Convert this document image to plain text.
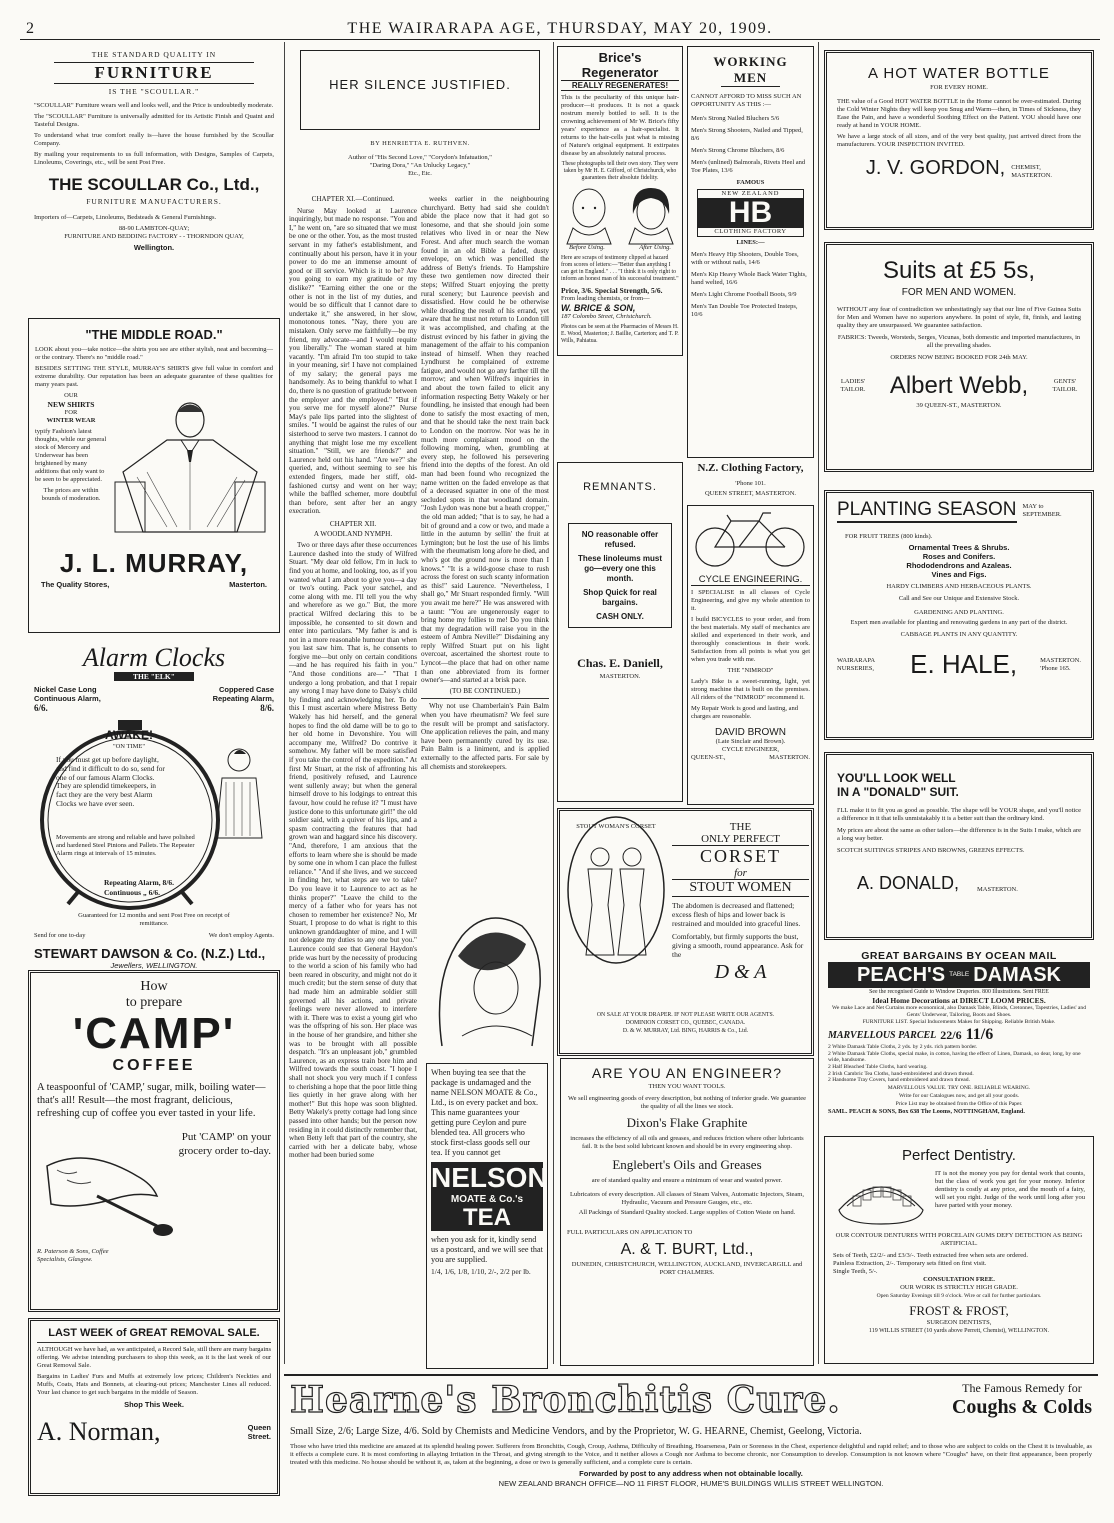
2	THE WAIRARAPA AGE, THURSDAY, MAY 20, 1909.
THE STANDARD QUALITY IN
FURNITURE
IS THE "SCOULLAR."

"SCOULLAR" Furniture wears well and looks well, and the Price is undoubtedly moderate.

The "SCOULLAR" Furniture is universally admitted for its Artistic Finish and Quaint and Tasteful Designs.

To understand what true comfort really is—have the house furnished by the Scoullar Company.

By mailing your requirements to us full information, with Designs, Samples of Carpets, Linoleums, Coverings, etc., will be sent Post Free.

THE SCOULLAR Co., Ltd.,
FURNITURE MANUFACTURERS.

Importers of—Carpets, Linoleums, Bedsteads & General Furnishings.

88-90 LAMBTON-QUAY;
FURNITURE AND BEDDING FACTORY - - THORNDON QUAY,
Wellington.
"THE MIDDLE ROAD."

LOOK about you—take notice—the shirts you see are either stylish, neat and becoming—or the contrary. There's no "middle road."

BESIDES SETTING THE STYLE, MURRAY'S SHIRTS give full value in comfort and extreme durability. Our reputation has been an adequate guarantee of these qualities for many years past.

OUR
NEW SHIRTS
FOR
WINTER WEAR

typify Fashion's latest thoughts, while our general stock of Mercery and Underwear has been brightened by many additions that only want to be seen to be appreciated.

The prices are within bounds of moderation.

J. L. MURRAY,
The Quality Stores,	Masterton.
Alarm Clocks
THE "ELK"
Nickel Case Long Continuous Alarm,
6/6.
Coppered Case Repeating Alarm,
8/6.
AWAKE!
"ON TIME"

If you must get up before daylight, and find it difficult to do so, send for one of our famous Alarm Clocks. They are splendid timekeepers, in fact they are the very best Alarm Clocks we have ever seen.

Movements are strong and reliable and have polished and hardened Steel Pinions and Pallets. The Repeater Alarm rings at intervals of 15 minutes.

Repeating Alarm, 8/6.
Continuous „ 6/6.
Guaranteed for 12 months and sent Post Free on receipt of remittance.
Send for one to-day	We don't employ Agents.
STEWART DAWSON & Co. (N.Z.) Ltd.,
Jewellers, WELLINGTON.
How
to prepare
'CAMP'
COFFEE

A teaspoonful of 'CAMP,' sugar, milk, boiling water—that's all! Result—the most fragrant, delicious, refreshing cup of coffee you ever tasted in your life.

Put 'CAMP' on your grocery order to-day.
R. Paterson & Sons, Coffee Specialists, Glasgow.
LAST WEEK of GREAT REMOVAL SALE.

ALTHOUGH we have had, as we anticipated, a Record Sale, still there are many bargains offering. We advise intending purchasers to shop this week, as it is the last week of our Great Removal Sale.

Bargains in Ladies' Furs and Muffs at extremely low prices; Children's Neckties and Muffs, Coats, Hats and Bonnets, at clearing-out prices; Manchester Lines all reduced. Your last chance to get such bargains in the middle of Season.

Shop This Week.
A. Norman,	Queen
Street.
HER SILENCE JUSTIFIED.
BY HENRIETTA E. RUTHVEN.
Author of "His Second Love," "Corydon's Infatuation,"
"Daring Dora," "An Unlucky Legacy,"
Etc., Etc.
CHAPTER XI.—Continued.

Nurse May looked at Laurence inquiringly, but made no response. "You and I," he went on, "are so situated that we must be one or the other. You, as the most trusted servant in my father's establishment, and continually about his person, have it in your power to do me an immense amount of good or ill service. Which is it to be? Are you going to earn my gratitude or my dislike?" "Earning either the one or the other is not in the list of my duties, and would be so difficult that I cannot dare to undertake it," she answered, in her slow, monotonous tones. "Nay, there you are mistaken. Only serve me faithfully—be my friend, my advocate—and I would requite you liberally." The woman stared at him vacantly. "I'm afraid I'm too stupid to take in your meaning, sir! I have not complained of my salary; the general pays me handsomely. As to being thankful to what I do, there is no question of gratitude between the employer and the employed." "But if you serve me for myself alone?" Nurse May's pale lips parted into the slightest of smiles. "I would be against the rules of our sisterhood to serve two masters. I cannot do anything that might lose me my excellent situation." "Still, we are friends?" and Laurence held out his hand. "Are we?" she queried, and, without seeming to see his extended fingers, made her stiff, old-fashioned curtsy and went on her way; while the baffled schemer, more doubtful than before, sent after her an angry execration.

CHAPTER XII.
A WOODLAND NYMPH.

Two or three days after these occurrences Laurence dashed into the study of Wilfred Stuart. "My dear old fellow, I'm in luck to find you at home, and looking, too, as if you wanted what I am about to give you—a day or two's outing. Pack your satchel, and come along with me. I'll tell you the why and wherefore as we go." But, the more practical Wilfred declaring this to be impossible, he consented to sit down and enter into particulars. "My father is and is not in a more reasonable humour than when you last saw him. That is, he consents to forgive me—but only on certain conditions—and he has required his faith in you." "And those conditions are—" "That I undergo a long probation, and that I repair any wrong I may have done to Daisy's child by finding and acknowledging her. To do this I must ascertain where Mistress Betty Wakely has hid herself, and the general hopes to find the old dame will be to go to her old home in Devonshire. You will accompany me, Wilfred? Do contrive it somehow. My father will be more satisfied if you take the control of the expedition." At first Mr Stuart, at the risk of affronting his friend, positively refused, and Laurence went sullenly away; but when the general himself drove to his lodgings to entreat this favour, how could he refuse it? "I must have justice done to this unfortunate girl!" the old soldier said, with a quiver of his lips, and a spasm contracting the features that had grown wan and haggard since his discovery. "And, therefore, I am anxious that the efforts to learn where she is should be made by some one in whom I can place the fullest reliance." "And if she lives, and we succeed in finding her, what steps are we to take? Do you leave it to Laurence to act as he thinks proper?" "Leave the child to the mercy of a father who for years has not chosen to remember her existence? No, Mr Stuart, I propose to do what is right to this unknown granddaughter of mine, and I will not delegate my duties to any one but you." Laurence could see that General Haydon's pride was hurt by the necessity of producing to the world a scion of his family who had been reared in obscurity, and might not do it much credit; but the stern sense of duty that had made him an admirable soldier still governed all his actions, and private feelings were never allowed to interfere with it. There was to exist a young girl who was the offspring of his son. Her place was in the house of her grandsire, and hither she was to be brought with all possible despatch. "It's an unpleasant job," grumbled Laurence, as an express train bore him and Wilfred towards the south coast. "I hope I shall not shock you very much if I confess to cherishing a hope that the poor little thing lies quietly in her grave along with her mother!" But this hope was soon blighted. Betty Wakely's pretty cottage had long since passed into other hands; but the person now residing in it could distinctly remember that, when Betty left that part of the country, she carried with her a delicate baby, whose mother had been buried some

weeks earlier in the neighbouring churchyard. Betty had said she couldn't abide the place now that it had got so lonesome, and that she should join some relatives who lived in or near the New Forest. And after much search the woman found in an old Bible a faded, dusty envelope, on which was pencilled the address of Betty's friends. To Hampshire these two gentlemen now directed their steps; Wilfred Stuart enjoying the pretty rural scenery; but Laurence peevish and dissatisfied. How could he be otherwise while dreading the result of his errand, yet aware that he must not return to London till it was accomplished, and chafing at the distrust evinced by his father in giving the management of the affair to his companion instead of himself. When they reached Lyndhurst he complained of extreme fatigue, and would not go any farther till the morrow; and when Wilfred's inquiries in and about the town failed to elicit any information respecting Betty Wakely or her foundling, he insisted that enough had been done to satisfy the most exacting of men, and that he should take the next train back to London on the morrow. Nor was he in much more complaisant mood on the following morning, when, grumbling at every step, he followed his persevering friend into the depths of the forest. An old man had been found who recognized the name written on the faded envelope as that of a deceased squatter in one of the most secluded spots in that woodland domain. "Josh Lydon was none but a heath cropper," the old man added; "that is to say, he had a bit of ground and a cow or two, and made a little in the autumn by sellin' the fruit at Lymington; but he lost the use of his limbs with the rheumatism long afore he died, and who's got the ground now is more than I knows." "It is a wild-goose chase to rush across the forest on such scanty information as this!" said Laurence. "Nevertheless, I shall go," Mr Stuart responded firmly. "Will you await me here?" He was answered with a taunt: "You are ungenerously eager to bring home my follies to me! Do you think that my degradation will raise you in the esteem of Ambra Neville?" Disdaining any reply Wilfred Stuart put on his light overcoat, ascertained the shortest route to Lyncot—the place that had on other name than one abbreviated from its former owner's—and started at a brisk pace.

(TO BE CONTINUED.)

Why not use Chamberlain's Pain Balm when you have rheumatism? We feel sure the result will be prompt and satisfactory. One application relieves the pain, and many have been permanently cured by its use. Pain Balm is a liniment, and is applied externally to the affected parts. For sale by all chemists and storekeepers.

Brice's Regenerator
REALLY REGENERATES!

This is the peculiarity of this unique hair-producer—it produces. It is not a quack nostrum merely bottled to sell. It is the crowning achievement of Mr W. Brice's fifty years' experience as a hair-specialist. It returns to the hair-cells just what is missing of Nature's original equipment. It extirpates disease by an absolutely natural process.

These photographs tell their own story. They were taken by Mr H. E. Gifford, of Christchurch, who guarantees their absolute fidelity.

Before Using.	After Using.

Here are scraps of testimony clipped at hazard from scores of letters:—"Better than anything I can get in England." . . . "I think it is only right to inform an honest man of his successful treatment."

Price, 3/6. Special Strength, 5/6.
From leading chemists, or from—
W. BRICE & SON,
187 Colombo Street, Christchurch.

Photos can be seen at the Pharmacies of Messrs H. E. Wood, Masterton; J. Baillie, Carterton; and T. P. Wills, Pahiatua.

REMNANTS.
NO reasonable offer refused.
These linoleums must go—every one this month.
Shop Quick for real bargains.
CASH ONLY.
Chas. E. Daniell,
MASTERTON.
WORKING
MEN
CANNOT AFFORD TO MISS SUCH AN OPPORTUNITY AS THIS :—
Men's Strong Nailed Bluchers 5/6
Men's Strong Shooters, Nailed and Tipped, 8/6
Men's Strong Chrome Bluchers, 8/6
Men's (unlined) Balmorals, Rivets Heel and Toe Plates, 13/6
FAMOUS
NEW ZEALAND
HB
CLOTHING FACTORY
LINES:—
Men's Heavy Hip Shooters, Double Toes, with or without nails, 14/6
Men's Kip Heavy Whole Back Water Tights, hand welted, 16/6
Men's Light Chrome Football Boots, 9/9
Men's Tan Double Toe Protected Insteps, 10/6
N.Z. Clothing Factory,
'Phone 101.
QUEEN STREET, MASTERTON.
CYCLE ENGINEERING.

I SPECIALISE in all classes of Cycle Engineering, and give my whole attention to it.

I build BICYCLES to your order, and from the best materials. My staff of mechanics are skilled and experienced in their work, and thoroughly conscientious in their work. Satisfaction from all points is what you get when you trade with me.

THE "NIMROD"

Lady's Bike is a sweet-running, light, yet strong machine that is built on the premises. All riders of the "NIMROD" recommend it.

My Repair Work is good and lasting, and charges are reasonable.

DAVID BROWN
(Late Sinclair and Brown).
CYCLE ENGINEER,
QUEEN-ST.,	MASTERTON.
STOUT WOMAN'S CORSET	THE
ONLY PERFECT
CORSET
for
STOUT WOMEN

The abdomen is decreased and flattened; excess flesh of hips and lower back is restrained and moulded into graceful lines.

Comfortably, but firmly supports the bust, giving a smooth, round appearance. Ask for the

D & A
ON SALE AT YOUR DRAPER. IF NOT PLEASE WRITE OUR AGENTS.
DOMINION CORSET CO., QUEBEC, CANADA.
D. & W. MURRAY, Ltd. BING, HARRIS & Co., Ltd.

When buying tea see that the package is undamaged and the name NELSON MOATE & Co., Ltd., is on every packet and box. This name guarantees your getting pure Ceylon and pure blended tea. All grocers who stock first-class goods sell our tea. If you cannot get

NELSON
MOATE & Co.'s
TEA

when you ask for it, kindly send us a postcard, and we will see that you are supplied.

1/4, 1/6, 1/8, 1/10, 2/-, 2/2 per lb.
ARE YOU AN ENGINEER?
THEN YOU WANT TOOLS.

We sell engineering goods of every description, but nothing of inferior grade. We guarantee the quality of all the lines we stock.

Dixon's Flake Graphite

increases the efficiency of all oils and greases, and reduces friction where other lubricants fail. It is the best solid lubricant known and should be in every engineering shop.

Englebert's Oils and Greases

are of standard quality and ensure a minimum of wear and wasted power.

Lubricators of every description. All classes of Steam Valves, Automatic Injectors, Steam, Hydraulic, Vacuum and Pressure Gauges, etc., etc.

All Packings of Standard Quality stocked. Large supplies of Cotton Waste on hand.

FULL PARTICULARS ON APPLICATION TO
A. & T. BURT, Ltd.,
DUNEDIN, CHRISTCHURCH, WELLINGTON, AUCKLAND, INVERCARGILL and PORT CHALMERS.
A HOT WATER BOTTLE
FOR EVERY HOME.

THE value of a Good HOT WATER BOTTLE in the Home cannot be over-estimated. During the Cold Winter Nights they will keep you Snug and Warm—then, in Times of Sickness, they Ease the Pain, and have a wonderful Soothing Effect on the Patient. YOU should have one ready at hand in YOUR HOME.

We have a large stock of all sizes, and of the very best quality, just arrived direct from the manufacturers. YOUR INSPECTION INVITED.

J. V. GORDON, CHEMIST,
MASTERTON.
Suits at £5 5s,
FOR MEN AND WOMEN.

WITHOUT any fear of contradiction we unhesitatingly say that our line of Five Guinea Suits for Men and Women have no superiors anywhere. In point of style, fit, finish, and lasting quality they are unsurpassed. We guarantee satisfaction.

FABRICS: Tweeds, Worsteds, Serges, Vicunas, both domestic and imported manufactures, in all the prevailing shades.

ORDERS NOW BEING BOOKED FOR 24th MAY.
LADIES' TAILOR. Albert Webb,	GENTS' TAILOR.
39 QUEEN-ST., MASTERTON.
PLANTING SEASON MAY to SEPTEMBER.
FOR FRUIT TREES (800 kinds).
Ornamental Trees & Shrubs.
Roses and Conifers.
Rhododendrons and Azaleas.
Vines and Figs.
HARDY CLIMBERS AND HERBACEOUS PLANTS.
Call and See our Unique and Extensive Stock.
GARDENING AND PLANTING.

Expert men available for planting and renovating gardens in any part of the district.

CABBAGE PLANTS IN ANY QUANTITY.
WAIRARAPA NURSERIES,	E. HALE,	MASTERTON.
'Phone 165.
YOU'LL LOOK WELL
IN A "DONALD" SUIT.

I'LL make it to fit you as good as possible. The shape will be YOUR shape, and you'll notice a difference in it that tells unmistakably it is a better suit than the ordinary kind.

My prices are about the same as other tailors—the difference is in the Suits I make, which are a long way better.

SCOTCH SUITINGS STRIPES AND BROWNS, GREENS EFFECTS.
A. DONALD,	MASTERTON.
GREAT BARGAINS BY OCEAN MAIL
PEACH'S TABLE DAMASK
See the recognised Guide to Window Draperies. 800 Illustrations. Sent FREE
Ideal Home Decorations at DIRECT LOOM PRICES.
We make Lace and Net Curtains more economical, also Damask Table, Blinds, Cretonnes, Tapestries, Ladies' and Gents' Underwear, Tailoring, Boots and Shoes.
FURNITURE LIST. Special Inducements Makes for Shipping. Reliable British Make.
MARVELLOUS PARCEL 22/6 11/6
2 White Damask Table Cloths, 2 yds. by 2 yds. rich pattern border.
2 White Damask Table Cloths, special make, in cotton, having the effect of Linen, Damask, so dear, long, by one wide, handsome.
2 Half Bleached Table Cloths, hard wearing.
2 Irish Cambric Tea Cloths, hand-embroidered and drawn thread.
2 Handsome Tray Covers, hand embroidered and drawn thread.
MARVELLOUS VALUE. TRY ONE. RELIABLE WEARING.
Write for our Catalogues now, and get all your goods.
Price List may be obtained from the Office of this Paper.
SAML. PEACH & SONS, Box 638 The Looms, NOTTINGHAM, England.
Perfect Dentistry.

IT is not the money you pay for dental work that counts, but the class of work you get for your money. Inferior dentistry is costly at any price, and the mouth of a fairy, will set you right. Judge of the work until long after you have parted with your money.

OUR CONTOUR DENTURES WITH PORCELAIN GUMS DEFY DETECTION AS BEING ARTIFICIAL.
Sets of Teeth, £2/2/- and £3/3/-. Teeth extracted free when sets are ordered.
Painless Extraction, 2/-. Temporary sets fitted on first visit.
Single Teeth, 5/-.
CONSULTATION FREE.
OUR WORK IS STRICTLY HIGH GRADE.
Open Saturday Evenings till 9 o'clock. Wire or call for further particulars.
FROST & FROST,
SURGEON DENTISTS,
119 WILLIS STREET (10 yards above Perrett, Chemist), WELLINGTON.
Hearne's Bronchitis Cure.	The Famous Remedy for
Coughs & Colds
Small Size, 2/6; Large Size, 4/6. Sold by Chemists and Medicine Vendors, and by the Proprietor, W. G. HEARNE, Chemist, Geelong, Victoria.

Those who have tried this medicine are amazed at its splendid healing power. Sufferers from Bronchitis, Cough, Croup, Asthma, Difficulty of Breathing, Hoarseness, Pain or Soreness in the Chest, experience delightful and rapid relief; and to those who are subject to colds on the Chest it is invaluable, as it effects a complete cure. It is most comforting in allaying Irritation in the Throat, and giving strength to the Voice, and it neither allows a Cough nor Asthma to become chronic, nor Consumption to develop. Consumption is not known where "Coughs" have, on their first appearance, been properly treated with this medicine. No house should be without it, as, taken at the beginning, a dose or two is generally sufficient, and a complete cure is certain.

Forwarded by post to any address when not obtainable locally.
NEW ZEALAND BRANCH OFFICE—NO 11 FIRST FLOOR, HUME'S BUILDINGS WILLIS STREET WELLINGTON.
